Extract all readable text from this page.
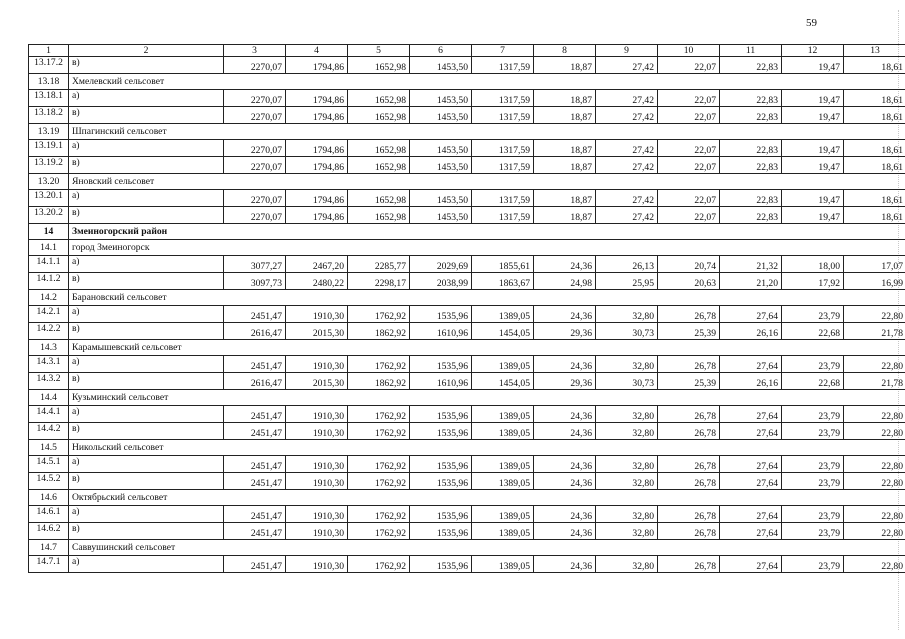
59
1	2	3	4	5	6	7	8	9	10	11	12	13
13.17.2	в)	2270,07	1794,86	1652,98	1453,50	1317,59	18,87	27,42	22,07	22,83	19,47	18,61
13.18	Хмелевский сельсовет											
13.18.1	а)	2270,07	1794,86	1652,98	1453,50	1317,59	18,87	27,42	22,07	22,83	19,47	18,61
13.18.2	в)	2270,07	1794,86	1652,98	1453,50	1317,59	18,87	27,42	22,07	22,83	19,47	18,61
13.19	Шпагинский сельсовет											
13.19.1	а)	2270,07	1794,86	1652,98	1453,50	1317,59	18,87	27,42	22,07	22,83	19,47	18,61
13.19.2	в)	2270,07	1794,86	1652,98	1453,50	1317,59	18,87	27,42	22,07	22,83	19,47	18,61
13.20	Яновский сельсовет											
13.20.1	а)	2270,07	1794,86	1652,98	1453,50	1317,59	18,87	27,42	22,07	22,83	19,47	18,61
13.20.2	в)	2270,07	1794,86	1652,98	1453,50	1317,59	18,87	27,42	22,07	22,83	19,47	18,61
14	Змеиногорский район											
14.1	город Змеиногорск											
14.1.1	а)	3077,27	2467,20	2285,77	2029,69	1855,61	24,36	26,13	20,74	21,32	18,00	17,07
14.1.2	в)	3097,73	2480,22	2298,17	2038,99	1863,67	24,98	25,95	20,63	21,20	17,92	16,99
14.2	Барановский сельсовет											
14.2.1	а)	2451,47	1910,30	1762,92	1535,96	1389,05	24,36	32,80	26,78	27,64	23,79	22,80
14.2.2	в)	2616,47	2015,30	1862,92	1610,96	1454,05	29,36	30,73	25,39	26,16	22,68	21,78
14.3	Карамышевский сельсовет											
14.3.1	а)	2451,47	1910,30	1762,92	1535,96	1389,05	24,36	32,80	26,78	27,64	23,79	22,80
14.3.2	в)	2616,47	2015,30	1862,92	1610,96	1454,05	29,36	30,73	25,39	26,16	22,68	21,78
14.4	Кузьминский сельсовет											
14.4.1	а)	2451,47	1910,30	1762,92	1535,96	1389,05	24,36	32,80	26,78	27,64	23,79	22,80
14.4.2	в)	2451,47	1910,30	1762,92	1535,96	1389,05	24,36	32,80	26,78	27,64	23,79	22,80
14.5	Никольский сельсовет											
14.5.1	а)	2451,47	1910,30	1762,92	1535,96	1389,05	24,36	32,80	26,78	27,64	23,79	22,80
14.5.2	в)	2451,47	1910,30	1762,92	1535,96	1389,05	24,36	32,80	26,78	27,64	23,79	22,80
14.6	Октябрьский сельсовет											
14.6.1	а)	2451,47	1910,30	1762,92	1535,96	1389,05	24,36	32,80	26,78	27,64	23,79	22,80
14.6.2	в)	2451,47	1910,30	1762,92	1535,96	1389,05	24,36	32,80	26,78	27,64	23,79	22,80
14.7	Саввушинский сельсовет											
14.7.1	а)	2451,47	1910,30	1762,92	1535,96	1389,05	24,36	32,80	26,78	27,64	23,79	22,80
